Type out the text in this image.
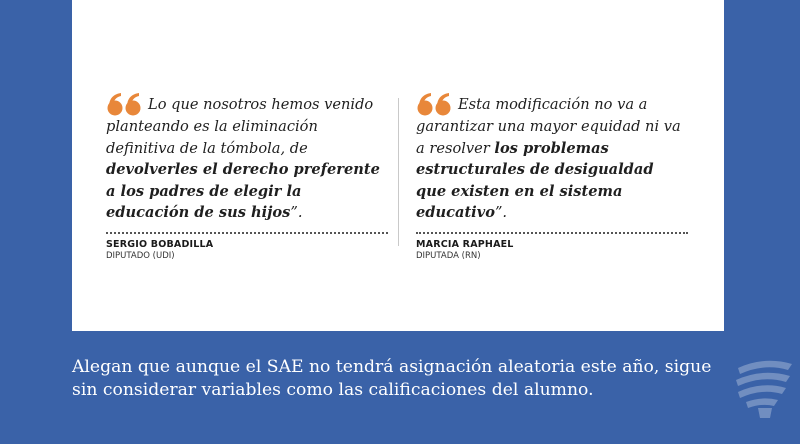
Lo que nosotros hemos venido planteando es la eliminación definitiva de la tómbola, de devolverles el derecho preferente a los padres de elegir la educación de sus hijos”.

SERGIO BOBADILLA
DIPUTADO (UDI)

Esta modificación no va a garantizar una mayor equidad ni va a resolver los problemas estructurales de desigualdad que existen en el sistema educativo”.

MARCIA RAPHAEL
DIPUTADA (RN)

Alegan que aunque el SAE no tendrá asignación aleatoria este año, sigue sin considerar variables como las calificaciones del alumno.
